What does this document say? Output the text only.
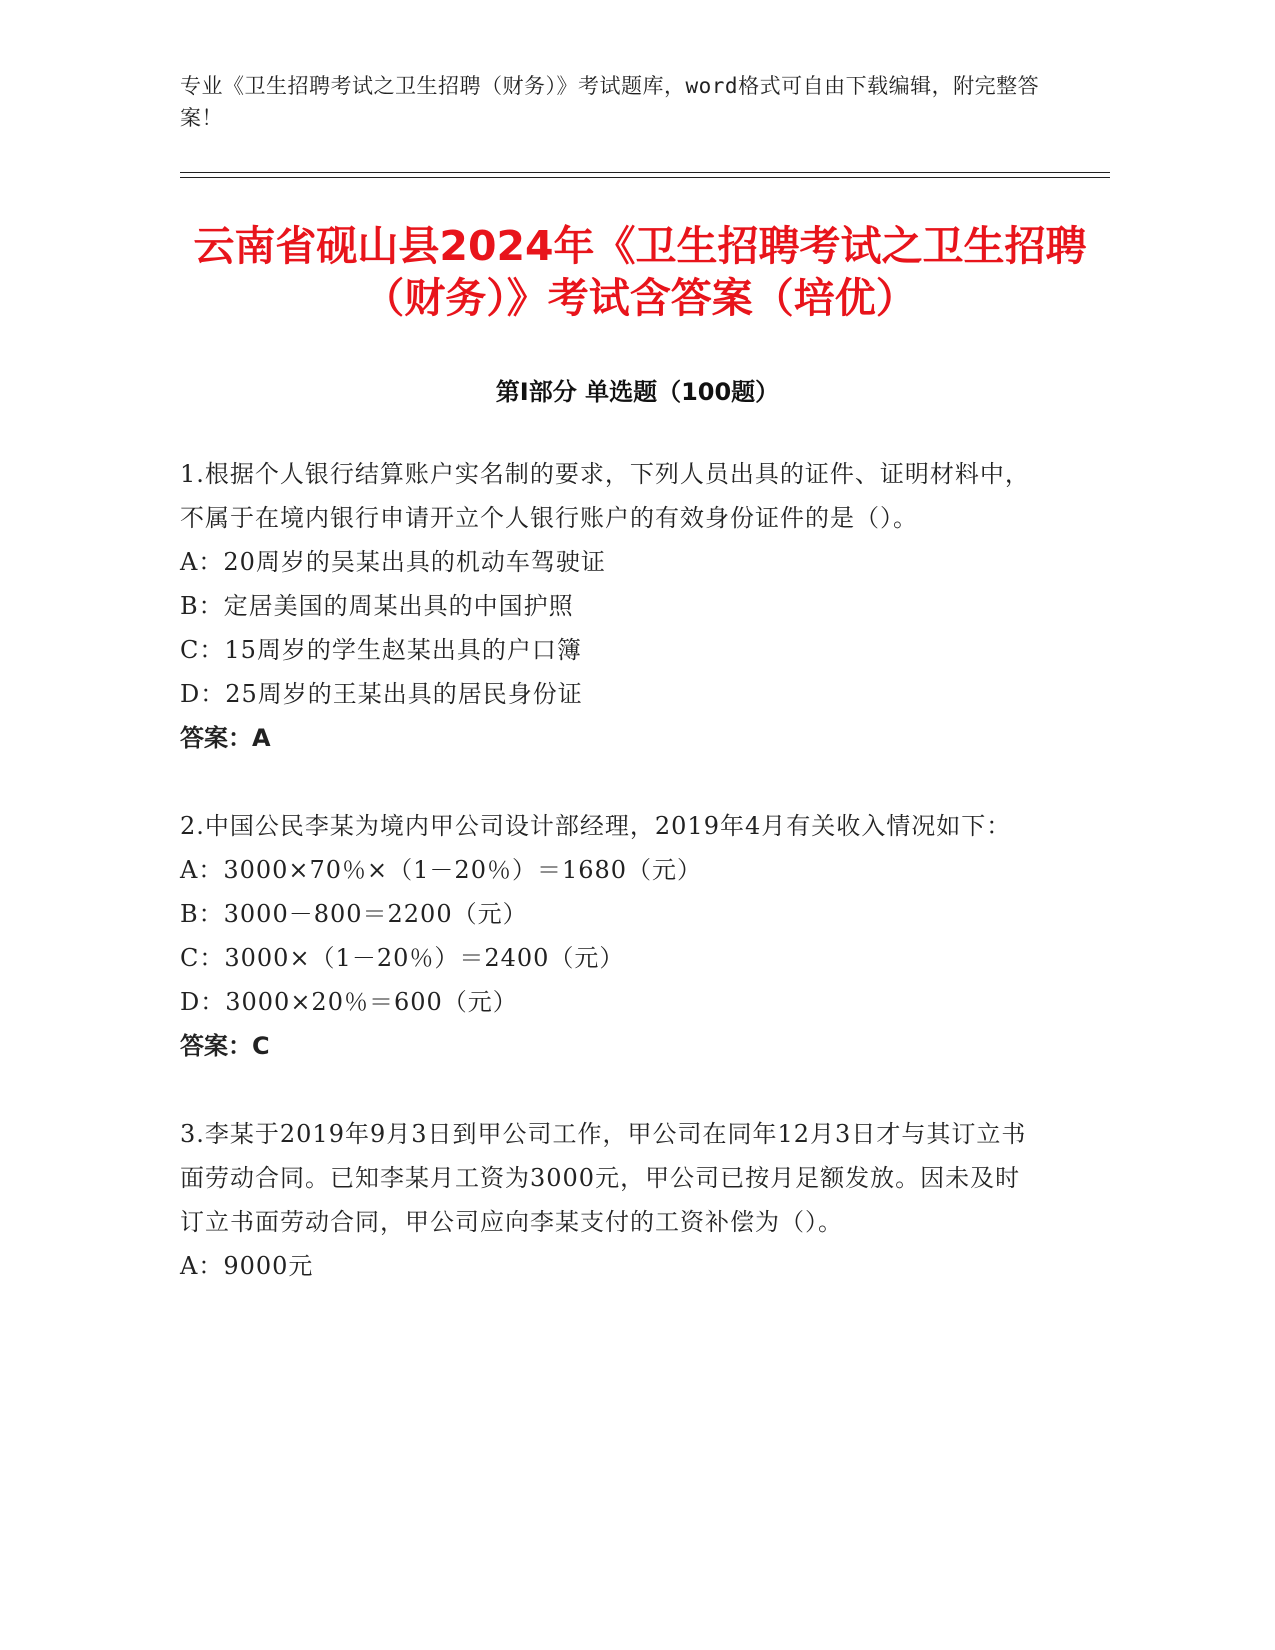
专业《卫生招聘考试之卫生招聘（财务）》考试题库，word格式可自由下载编辑，附完整答案！
云南省砚山县2024年《卫生招聘考试之卫生招聘（财务）》考试含答案（培优）
第Ⅰ部分 单选题（100题）

1.根据个人银行结算账户实名制的要求，下列人员出具的证件、证明材料中，不属于在境内银行申请开立个人银行账户的有效身份证件的是（）。

A：20周岁的吴某出具的机动车驾驶证

B：定居美国的周某出具的中国护照

C：15周岁的学生赵某出具的户口簿

D：25周岁的王某出具的居民身份证

答案：A

2.中国公民李某为境内甲公司设计部经理，2019年4月有关收入情况如下：

A：3000×70％×（1－20％）＝1680（元）

B：3000－800＝2200（元）

C：3000×（1－20％）＝2400（元）

D：3000×20％＝600（元）

答案：C

3.李某于2019年9月3日到甲公司工作，甲公司在同年12月3日才与其订立书面劳动合同。已知李某月工资为3000元，甲公司已按月足额发放。因未及时订立书面劳动合同，甲公司应向李某支付的工资补偿为（）。

A：9000元
